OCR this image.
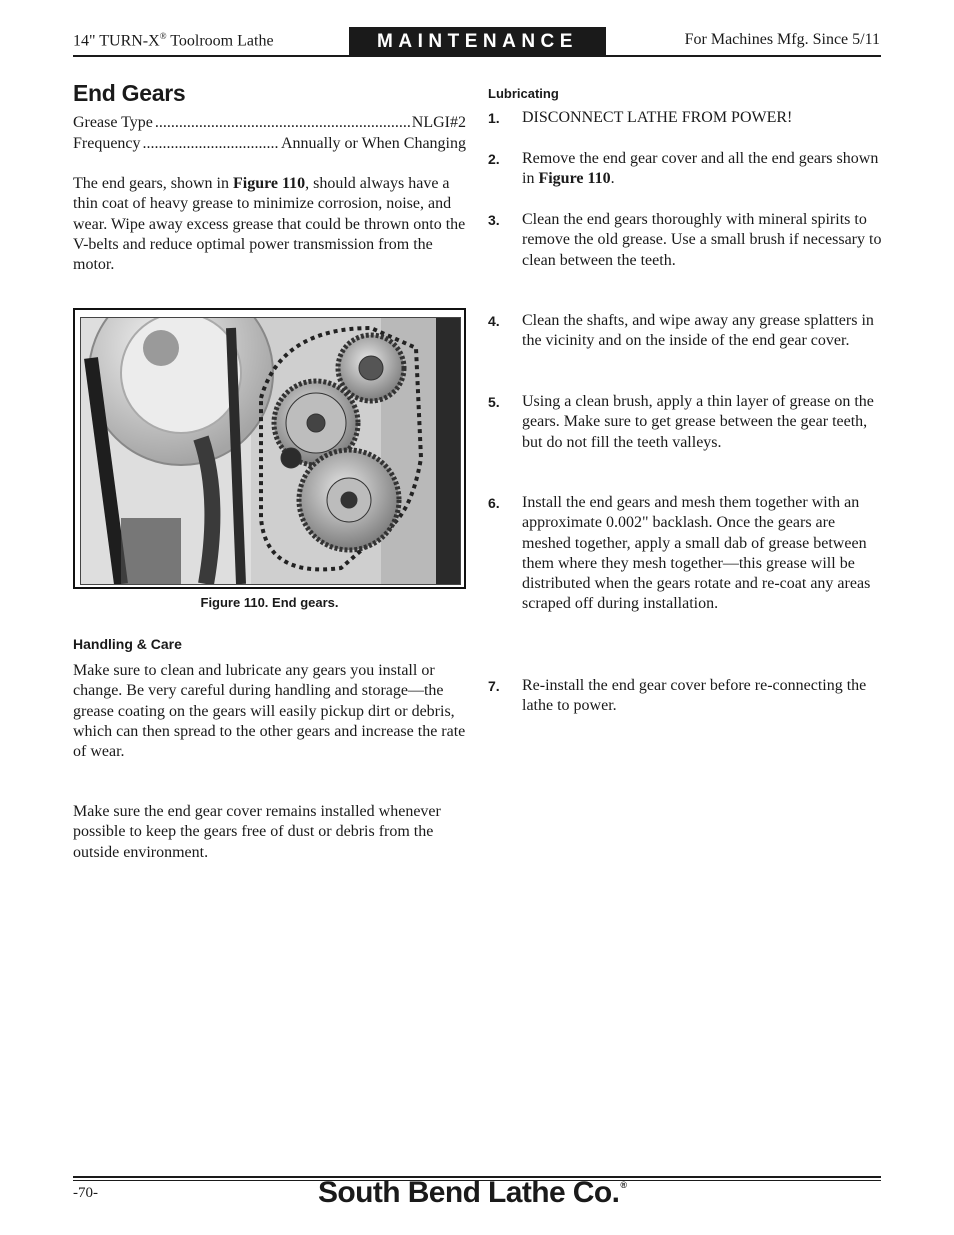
14" TURN-X® Toolroom Lathe	MAINTENANCE	For Machines Mfg. Since 5/11
End Gears
Grease Type .....	NLGI#2
Frequency .....	Annually or When Changing
The end gears, shown in Figure 110, should always have a thin coat of heavy grease to minimize corrosion, noise, and wear. Wipe away excess grease that could be thrown onto the V-belts and reduce optimal power transmission from the motor.
Figure 110. End gears.
Handling & Care
Make sure to clean and lubricate any gears you install or change. Be very careful during handling and storage—the grease coating on the gears will easily pickup dirt or debris, which can then spread to the other gears and increase the rate of wear.
Make sure the end gear cover remains installed whenever possible to keep the gears free of dust or debris from the outside environment.
Lubricating
1. DISCONNECT LATHE FROM POWER!
2. Remove the end gear cover and all the end gears shown in Figure 110.
3. Clean the end gears thoroughly with mineral spirits to remove the old grease. Use a small brush if necessary to clean between the teeth.
4. Clean the shafts, and wipe away any grease splatters in the vicinity and on the inside of the end gear cover.
5. Using a clean brush, apply a thin layer of grease on the gears. Make sure to get grease between the gear teeth, but do not fill the teeth valleys.
6. Install the end gears and mesh them together with an approximate 0.002" backlash. Once the gears are meshed together, apply a small dab of grease between them where they mesh together—this grease will be distributed when the gears rotate and re-coat any areas scraped off during installation.
7. Re-install the end gear cover before re-connecting the lathe to power.
-70-	South Bend Lathe Co.®
